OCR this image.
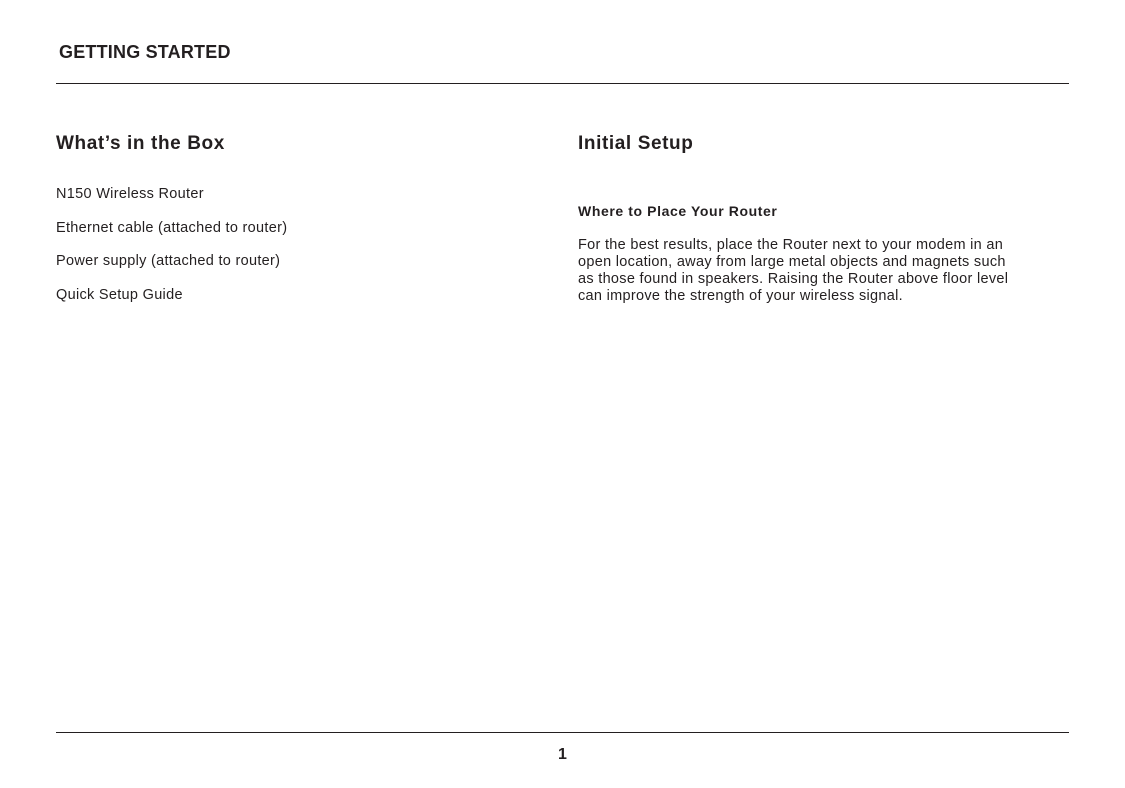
GETTING STARTED
What’s in the Box
N150 Wireless Router
Ethernet cable (attached to router)
Power supply (attached to router)
Quick Setup Guide
Initial Setup
Where to Place Your Router

For the best results, place the Router next to your modem in an open location, away from large metal objects and magnets such as those found in speakers. Raising the Router above floor level can improve the strength of your wireless signal.

1
